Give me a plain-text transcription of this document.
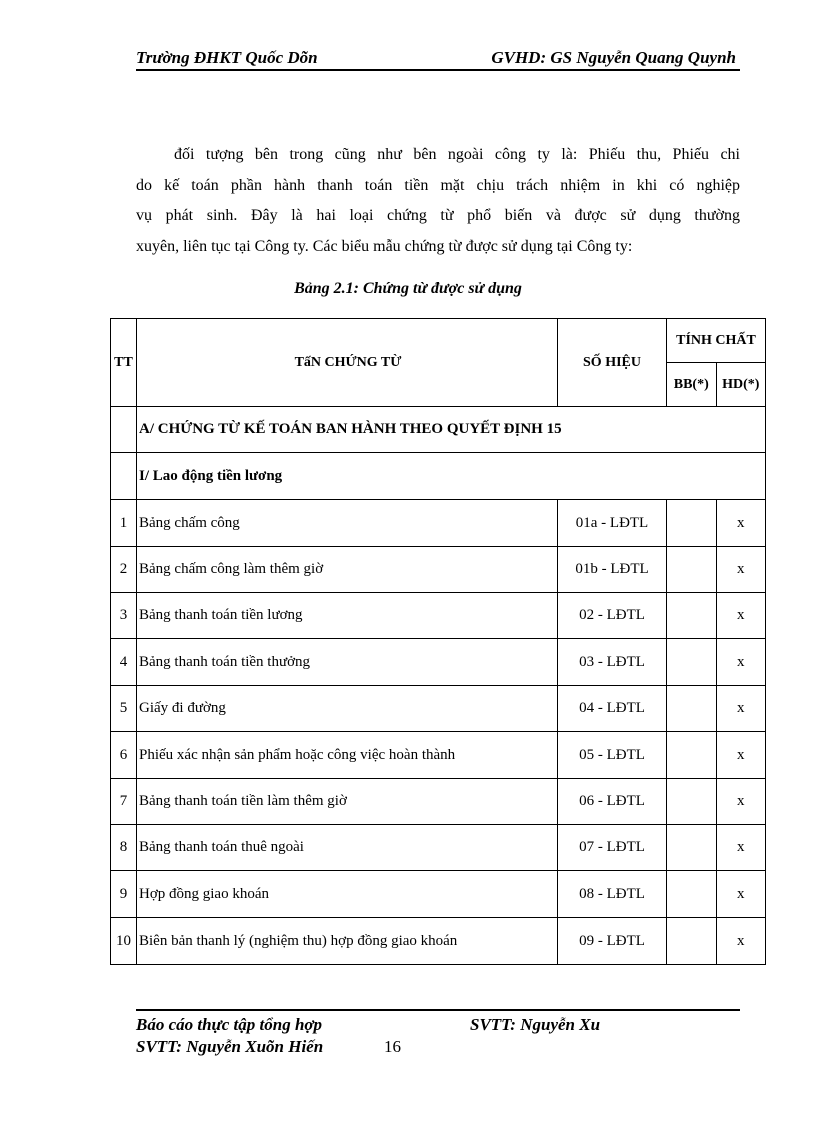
Trường ĐHKT Quốc Dõn	GVHD: GS Nguyễn Quang Quynh
đối tượng bên trong cũng như bên ngoài công ty là: Phiếu thu, Phiếu chi
do kế toán phần hành thanh toán tiền mặt chịu trách nhiệm in khi có nghiệp
vụ phát sinh. Đây là hai loại chứng từ phổ biến và được sử dụng thường
xuyên, liên tục tại Công ty. Các biểu mẫu chứng từ được sử dụng tại Công ty:
Bảng 2.1: Chứng từ được sử dụng
TT	TấN CHỨNG TỪ	SỐ HIỆU	TÍNH CHẤT	
			BB(*)	HD(*)
	A/ CHỨNG TỪ KẾ TOÁN BAN HÀNH THEO QUYẾT ĐỊNH 15			
	I/ Lao động tiền lương			
1	Bảng chấm công	01a - LĐTL		x
2	Bảng chấm công làm thêm giờ	01b - LĐTL		x
3	Bảng thanh toán tiền lương	02 - LĐTL		x
4	Bảng thanh toán tiền thưởng	03 - LĐTL		x
5	Giấy đi đường	04 - LĐTL		x
6	Phiếu xác nhận sản phẩm hoặc công việc hoàn thành	05 - LĐTL		x
7	Bảng thanh toán tiền làm thêm giờ	06 - LĐTL		x
8	Bảng thanh toán thuê ngoài	07 - LĐTL		x
9	Hợp đồng giao khoán	08 - LĐTL		x
10	Biên bản thanh lý (nghiệm thu) hợp đồng giao khoán	09 - LĐTL		x
Báo cáo thực tập tổng hợp	SVTT: Nguyễn Xu
SVTT: Nguyễn Xuõn Hiến	16
